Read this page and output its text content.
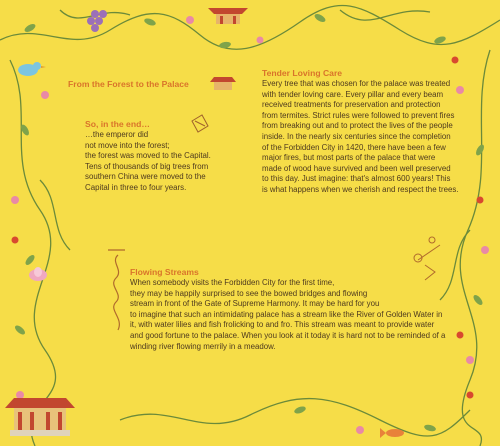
From the Forest to the Palace
So, in the end…
…the emperor did
not move into the forest;
the forest was moved to the Capital.
Tens of thousands of big trees from
southern China were moved to the
Capital in three to four years.
Tender Loving Care
Every tree that was chosen for the palace was treated
with tender loving care. Every pillar and every beam
received treatments for preservation and protection
from termites. Strict rules were followed to prevent fires
from breaking out and to protect the lives of the people
inside. In the nearly six centuries since the completion
of the Forbidden City in 1420, there have been a few
major fires, but most parts of the palace that were
made of wood have survived and been well preserved
to this day. Just imagine: that's almost 600 years! This
is what happens when we cherish and respect the trees.
Flowing Streams
When somebody visits the Forbidden City for the first time,
they may be happily surprised to see the bowed bridges and flowing
stream in front of the Gate of Supreme Harmony. It may be hard for you
to imagine that such an intimidating palace has a stream like the River of Golden Water in
it, with water lilies and fish frolicking to and fro. This stream was meant to provide water
and good fortune to the palace. When you look at it today it is hard not to be reminded of a
winding river flowing merrily in a meadow.
